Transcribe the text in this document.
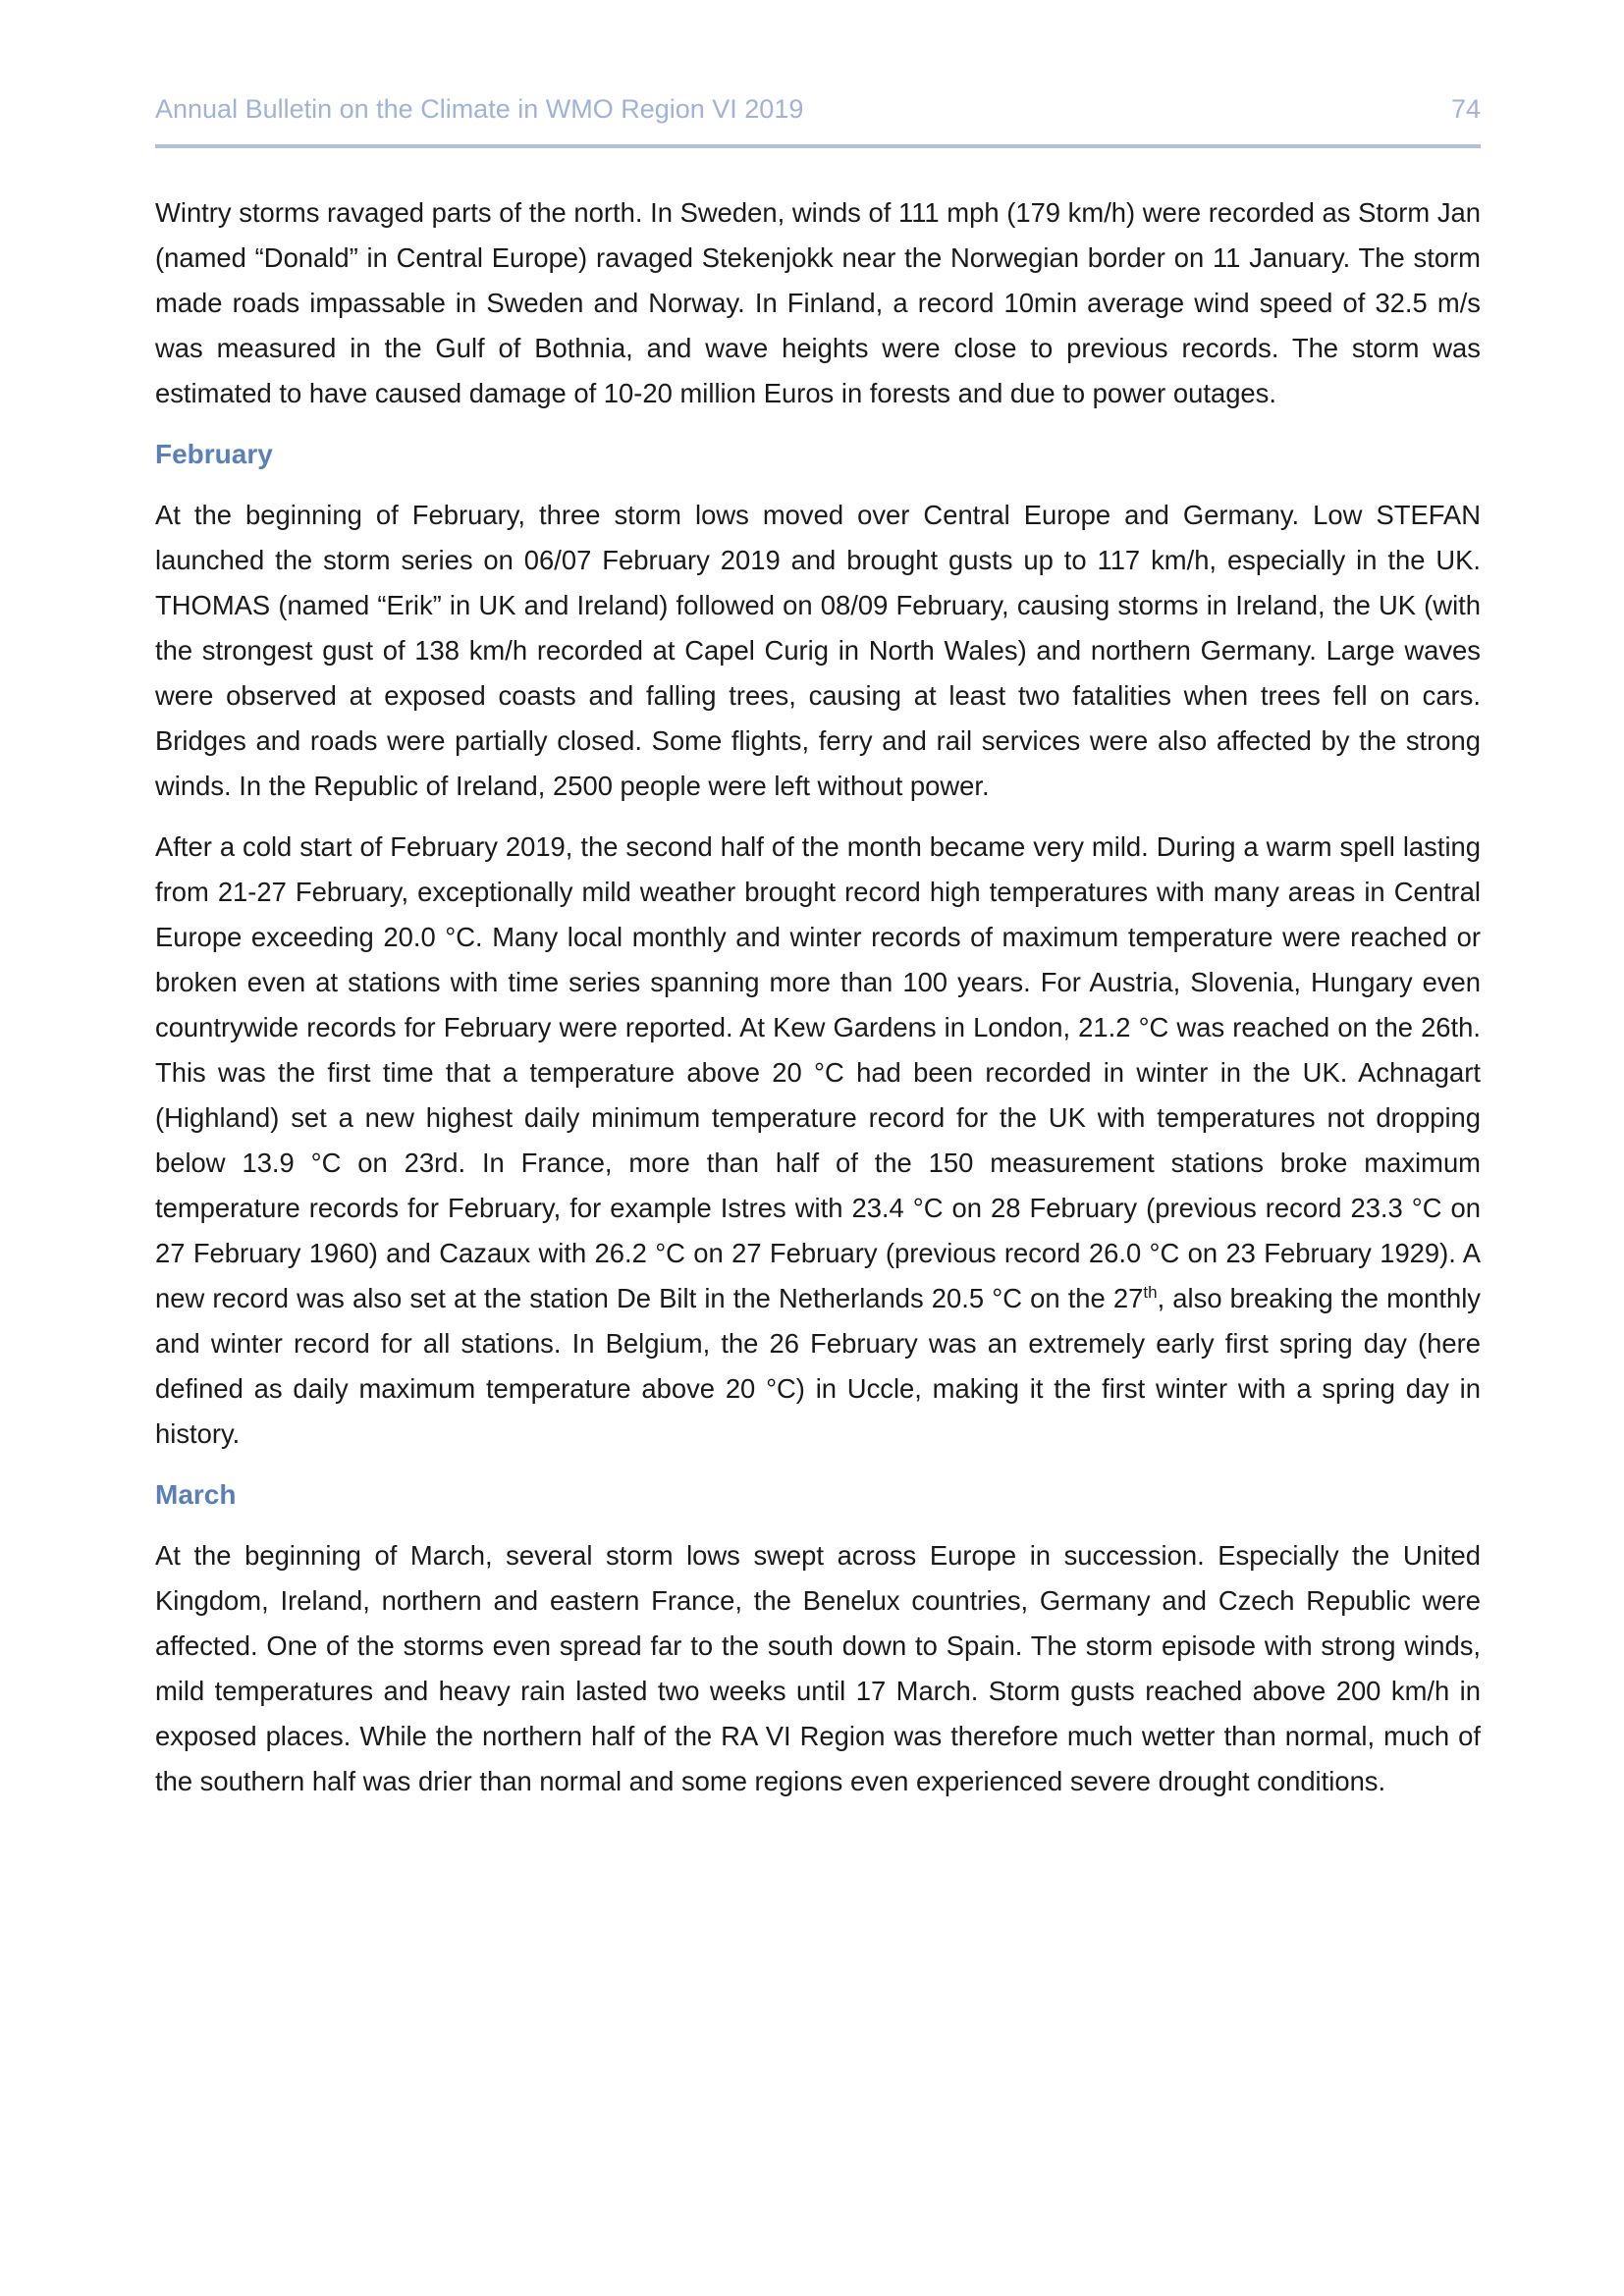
Annual Bulletin on the Climate in WMO Region VI 2019	74

Wintry storms ravaged parts of the north. In Sweden, winds of 111 mph (179 km/h) were recorded as Storm Jan (named “Donald” in Central Europe) ravaged Stekenjokk near the Norwegian border on 11 January. The storm made roads impassable in Sweden and Norway. In Finland, a record 10min average wind speed of 32.5 m/s was measured in the Gulf of Bothnia, and wave heights were close to previous records. The storm was estimated to have caused damage of 10-20 million Euros in forests and due to power outages.

February

At the beginning of February, three storm lows moved over Central Europe and Germany. Low STEFAN launched the storm series on 06/07 February 2019 and brought gusts up to 117 km/h, especially in the UK. THOMAS (named “Erik” in UK and Ireland) followed on 08/09 February, causing storms in Ireland, the UK (with the strongest gust of 138 km/h recorded at Capel Curig in North Wales) and northern Germany. Large waves were observed at exposed coasts and falling trees, causing at least two fatalities when trees fell on cars. Bridges and roads were partially closed. Some flights, ferry and rail services were also affected by the strong winds. In the Republic of Ireland, 2500 people were left without power.

After a cold start of February 2019, the second half of the month became very mild. During a warm spell lasting from 21-27 February, exceptionally mild weather brought record high temperatures with many areas in Central Europe exceeding 20.0 °C. Many local monthly and winter records of maximum temperature were reached or broken even at stations with time series spanning more than 100 years. For Austria, Slovenia, Hungary even countrywide records for February were reported. At Kew Gardens in London, 21.2 °C was reached on the 26th. This was the first time that a temperature above 20 °C had been recorded in winter in the UK. Achnagart (Highland) set a new highest daily minimum temperature record for the UK with temperatures not dropping below 13.9 °C on 23rd. In France, more than half of the 150 measurement stations broke maximum temperature records for February, for example Istres with 23.4 °C on 28 February (previous record 23.3 °C on 27 February 1960) and Cazaux with 26.2 °C on 27 February (previous record 26.0 °C on 23 February 1929). A new record was also set at the station De Bilt in the Netherlands 20.5 °C on the 27th, also breaking the monthly and winter record for all stations. In Belgium, the 26 February was an extremely early first spring day (here defined as daily maximum temperature above 20 °C) in Uccle, making it the first winter with a spring day in history.

March

At the beginning of March, several storm lows swept across Europe in succession. Especially the United Kingdom, Ireland, northern and eastern France, the Benelux countries, Germany and Czech Republic were affected. One of the storms even spread far to the south down to Spain. The storm episode with strong winds, mild temperatures and heavy rain lasted two weeks until 17 March. Storm gusts reached above 200 km/h in exposed places. While the northern half of the RA VI Region was therefore much wetter than normal, much of the southern half was drier than normal and some regions even experienced severe drought conditions.
